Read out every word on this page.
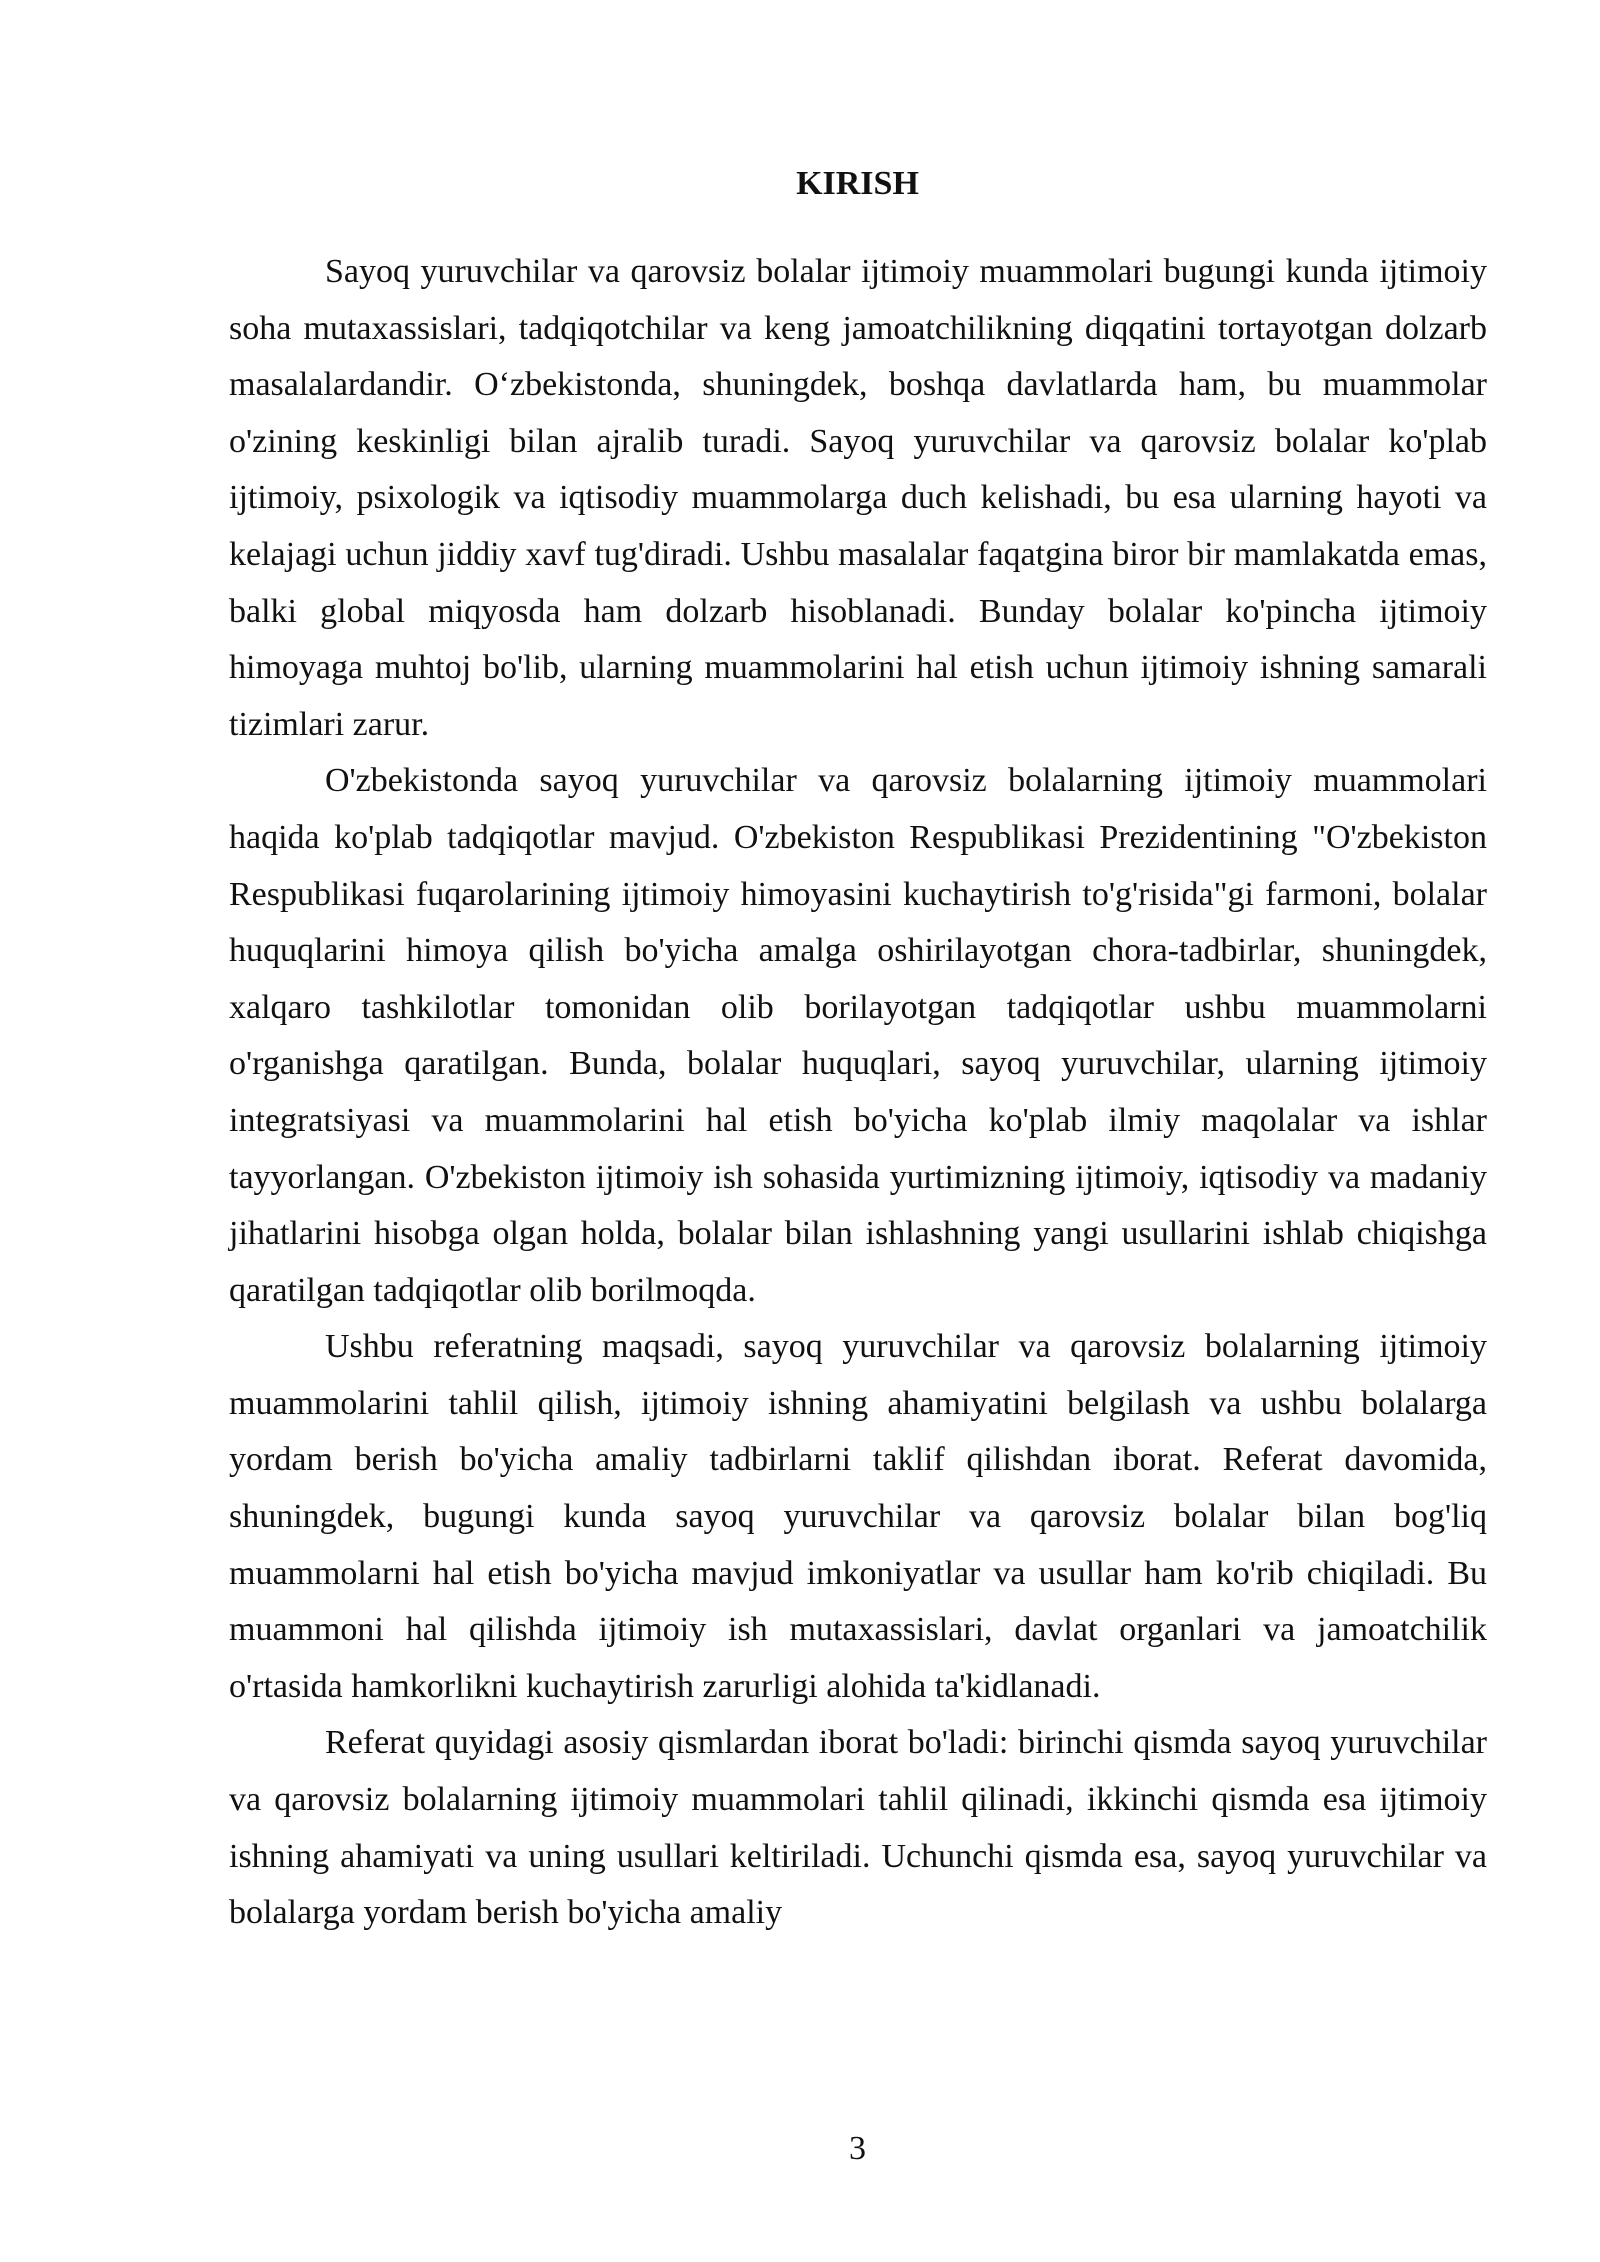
KIRISH

Sayoq yuruvchilar va qarovsiz bolalar ijtimoiy muammolari bugungi kunda ijtimoiy soha mutaxassislari, tadqiqotchilar va keng jamoatchilikning diqqatini tortayotgan dolzarb masalalardandir. O‘zbekistonda, shuningdek, boshqa davlatlarda ham, bu muammolar o'zining keskinligi bilan ajralib turadi. Sayoq yuruvchilar va qarovsiz bolalar ko'plab ijtimoiy, psixologik va iqtisodiy muammolarga duch kelishadi, bu esa ularning hayoti va kelajagi uchun jiddiy xavf tug'diradi. Ushbu masalalar faqatgina biror bir mamlakatda emas, balki global miqyosda ham dolzarb hisoblanadi. Bunday bolalar ko'pincha ijtimoiy himoyaga muhtoj bo'lib, ularning muammolarini hal etish uchun ijtimoiy ishning samarali tizimlari zarur.

O'zbekistonda sayoq yuruvchilar va qarovsiz bolalarning ijtimoiy muammolari haqida ko'plab tadqiqotlar mavjud. O'zbekiston Respublikasi Prezidentining "O'zbekiston Respublikasi fuqarolarining ijtimoiy himoyasini kuchaytirish to'g'risida"gi farmoni, bolalar huquqlarini himoya qilish bo'yicha amalga oshirilayotgan chora-tadbirlar, shuningdek, xalqaro tashkilotlar tomonidan olib borilayotgan tadqiqotlar ushbu muammolarni o'rganishga qaratilgan. Bunda, bolalar huquqlari, sayoq yuruvchilar, ularning ijtimoiy integratsiyasi va muammolarini hal etish bo'yicha ko'plab ilmiy maqolalar va ishlar tayyorlangan. O'zbekiston ijtimoiy ish sohasida yurtimizning ijtimoiy, iqtisodiy va madaniy jihatlarini hisobga olgan holda, bolalar bilan ishlashning yangi usullarini ishlab chiqishga qaratilgan tadqiqotlar olib borilmoqda.

Ushbu referatning maqsadi, sayoq yuruvchilar va qarovsiz bolalarning ijtimoiy muammolarini tahlil qilish, ijtimoiy ishning ahamiyatini belgilash va ushbu bolalarga yordam berish bo'yicha amaliy tadbirlarni taklif qilishdan iborat. Referat davomida, shuningdek, bugungi kunda sayoq yuruvchilar va qarovsiz bolalar bilan bog'liq muammolarni hal etish bo'yicha mavjud imkoniyatlar va usullar ham ko'rib chiqiladi. Bu muammoni hal qilishda ijtimoiy ish mutaxassislari, davlat organlari va jamoatchilik o'rtasida hamkorlikni kuchaytirish zarurligi alohida ta'kidlanadi.

Referat quyidagi asosiy qismlardan iborat bo'ladi: birinchi qismda sayoq yuruvchilar va qarovsiz bolalarning ijtimoiy muammolari tahlil qilinadi, ikkinchi qismda esa ijtimoiy ishning ahamiyati va uning usullari keltiriladi. Uchunchi qismda esa, sayoq yuruvchilar va bolalarga yordam berish bo'yicha amaliy

3
